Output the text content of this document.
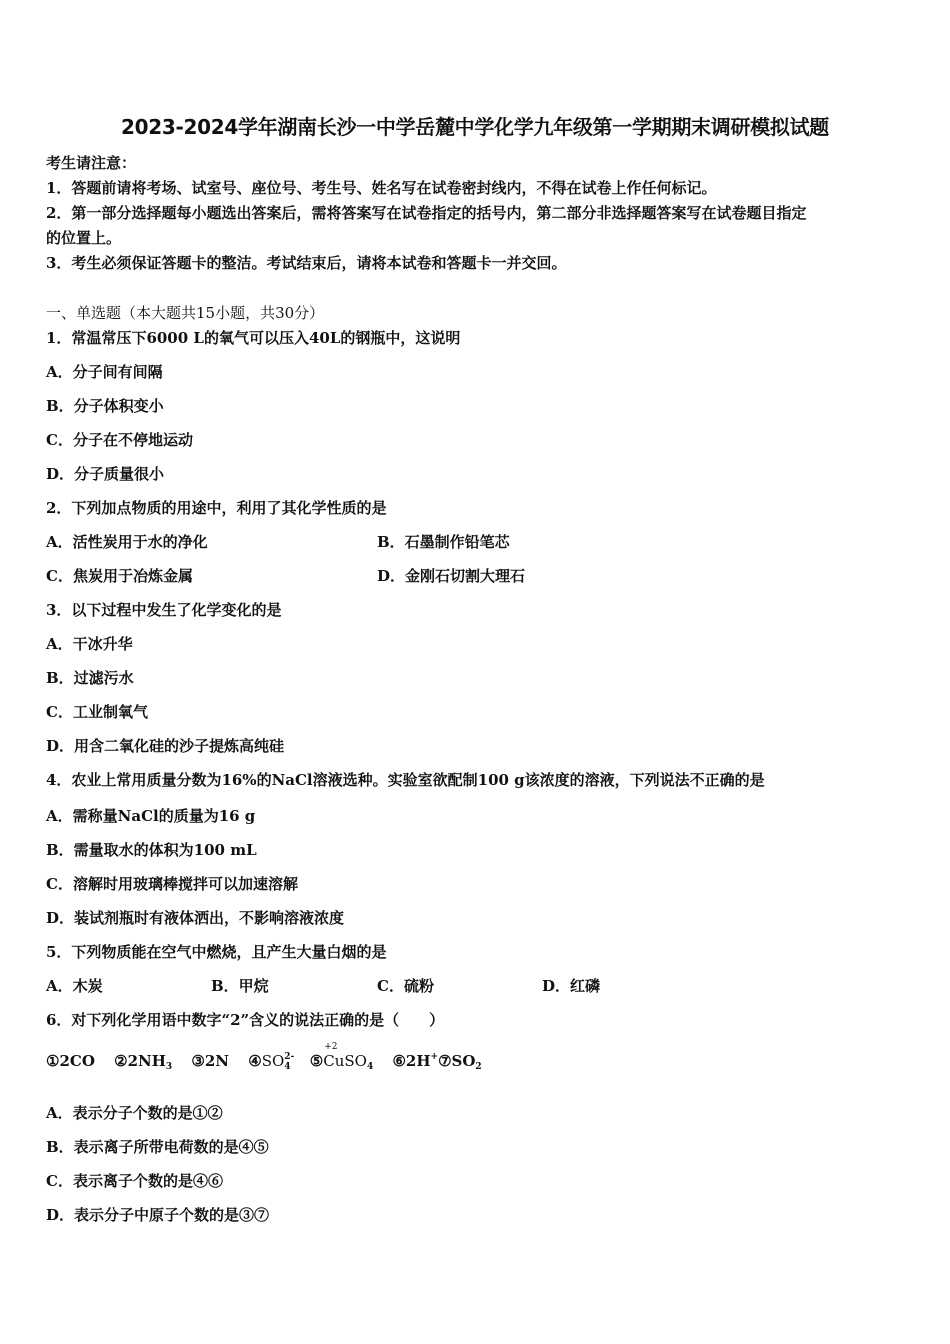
2023-2024学年湖南长沙一中学岳麓中学化学九年级第一学期期末调研模拟试题
考生请注意：
1．答题前请将考场、试室号、座位号、考生号、姓名写在试卷密封线内，不得在试卷上作任何标记。
2．第一部分选择题每小题选出答案后，需将答案写在试卷指定的括号内，第二部分非选择题答案写在试卷题目指定
的位置上。
3．考生必须保证答题卡的整洁。考试结束后，请将本试卷和答题卡一并交回。
一、单选题（本大题共15小题，共30分）
1．常温常压下6000 L的氧气可以压入40L的钢瓶中，这说明
A．分子间有间隔
B．分子体积变小
C．分子在不停地运动
D．分子质量很小
2．下列加点物质的用途中，利用了其化学性质的是
A．活性炭用于水的净化	B．石墨制作铅笔芯
C．焦炭用于冶炼金属	D．金刚石切割大理石
3．以下过程中发生了化学变化的是
A．干冰升华
B．过滤污水
C．工业制氧气
D．用含二氧化硅的沙子提炼高纯硅
4．农业上常用质量分数为16%的NaCl溶液选种。实验室欲配制100 g该浓度的溶液，下列说法不正确的是
A．需称量NaCl的质量为16 g
B．需量取水的体积为100 mL
C．溶解时用玻璃棒搅拌可以加速溶解
D．装试剂瓶时有液体洒出，不影响溶液浓度
5．下列物质能在空气中燃烧，且产生大量白烟的是
A．木炭	B．甲烷	C．硫粉	D．红磷
6．对下列化学用语中数字“2”含义的说法正确的是（　　）
①2CO $②2NH_3$ ③2N $④SO_{4 2-}$ ⑤
+2
CuSO$_4$ $⑥2H^+⑦SO_2$
A．表示分子个数的是①②
B．表示离子所带电荷数的是④⑤
C．表示离子个数的是④⑥
D．表示分子中原子个数的是③⑦
